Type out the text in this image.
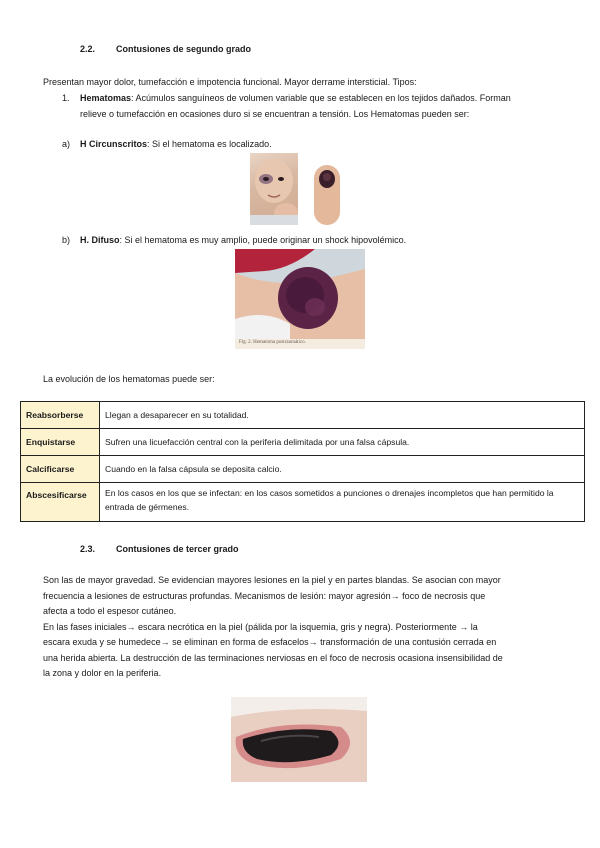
2.2. Contusiones de segundo grado
Presentan mayor dolor, tumefacción e impotencia funcional. Mayor derrame intersticial. Tipos:
1. Hematomas: Acúmulos sanguíneos de volumen variable que se establecen en los tejidos dañados. Forman
relieve o tumefacción en ocasiones duro si se encuentran a tensión. Los Hematomas pueden ser:
a) H Circunscritos: Si el hematoma es localizado.
b) H. Difuso: Si el hematoma es muy amplio, puede originar un shock hipovolémico.
Fig. 2. Hematoma postraumático.
La evolución de los hematomas puede ser:
Reabsorberse	Llegan a desaparecer en su totalidad.
Enquistarse	Sufren una licuefacción central con la periferia delimitada por una falsa cápsula.
Calcificarse	Cuando en la falsa cápsula se deposita calcio.
Abscesificarse	En los casos en los que se infectan: en los casos sometidos a punciones o drenajes incompletos que han permitido la entrada de gérmenes.
2.3. Contusiones de tercer grado
Son las de mayor gravedad. Se evidencian mayores lesiones en la piel y en partes blandas. Se asocian con mayor
frecuencia a lesiones de estructuras profundas. Mecanismos de lesión: mayor agresión→ foco de necrosis que
afecta a todo el espesor cutáneo.
En las fases iniciales→ escara necrótica en la piel (pálida por la isquemia, gris y negra). Posteriormente → la
escara exuda y se humedece→ se eliminan en forma de esfacelos→ transformación de una contusión cerrada en
una herida abierta. La destrucción de las terminaciones nerviosas en el foco de necrosis ocasiona insensibilidad de
la zona y dolor en la periferia.
